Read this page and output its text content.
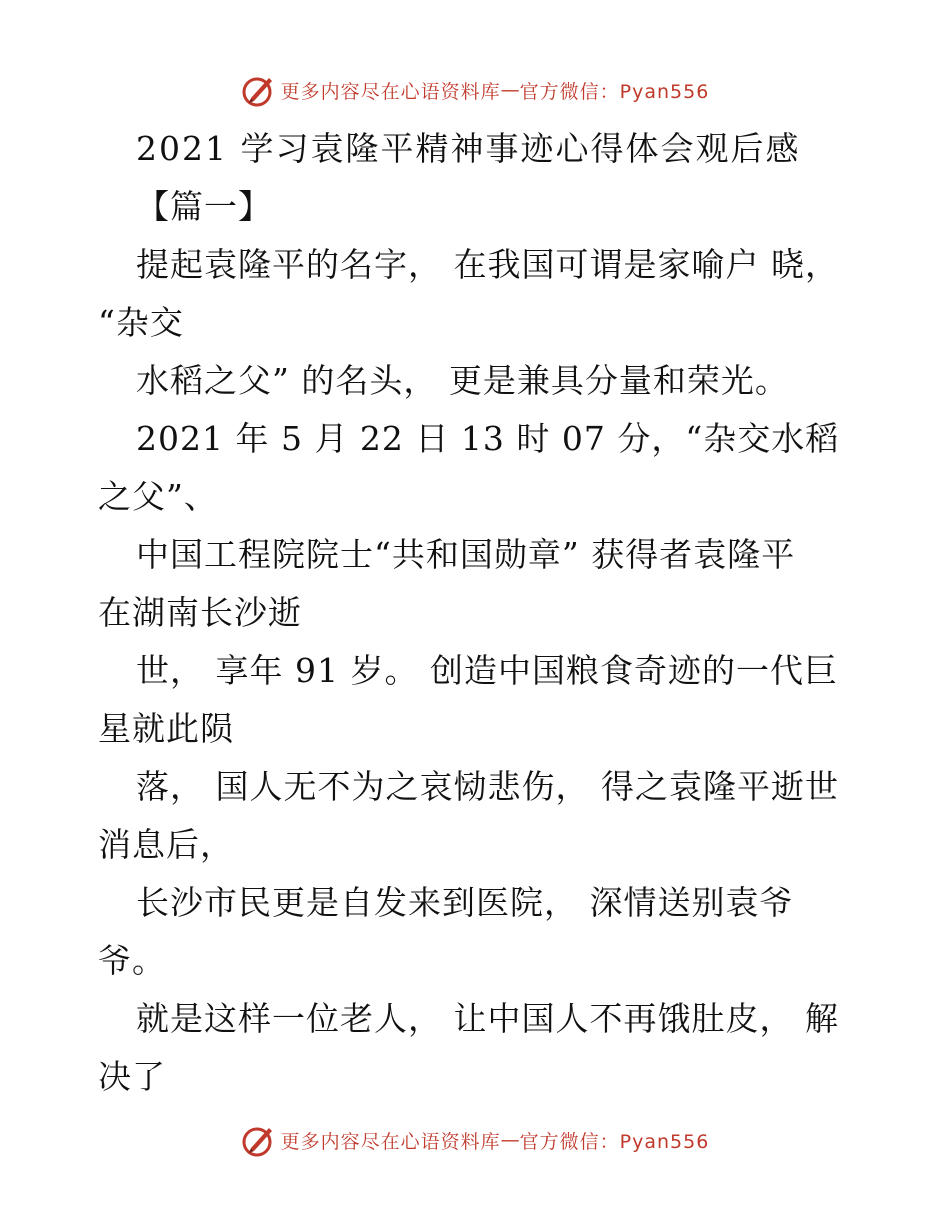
更多内容尽在心语资料库 — 官方微信：Pyan556
2021 学习袁隆平精神事迹心得体会观后感
【篇一】
提起袁隆平的名字， 在我国可谓是家喻户 晓，
“杂交
水稻之父” 的名头， 更是兼具分量和荣光。
2021 年 5 月 22 日 13 时 07 分，“杂交水稻
之父”、
中国工程院院士“共和国勋章” 获得者袁隆平
在湖南长沙逝
世， 享年 91 岁。 创造中国粮食奇迹的一代巨
星就此陨
落， 国人无不为之哀恸悲伤， 得之袁隆平逝世
消息后，
长沙市民更是自发来到医院， 深情送别袁爷
爷。
就是这样一位老人， 让中国人不再饿肚皮， 解
决了
更多内容尽在心语资料库 — 官方微信：Pyan556
